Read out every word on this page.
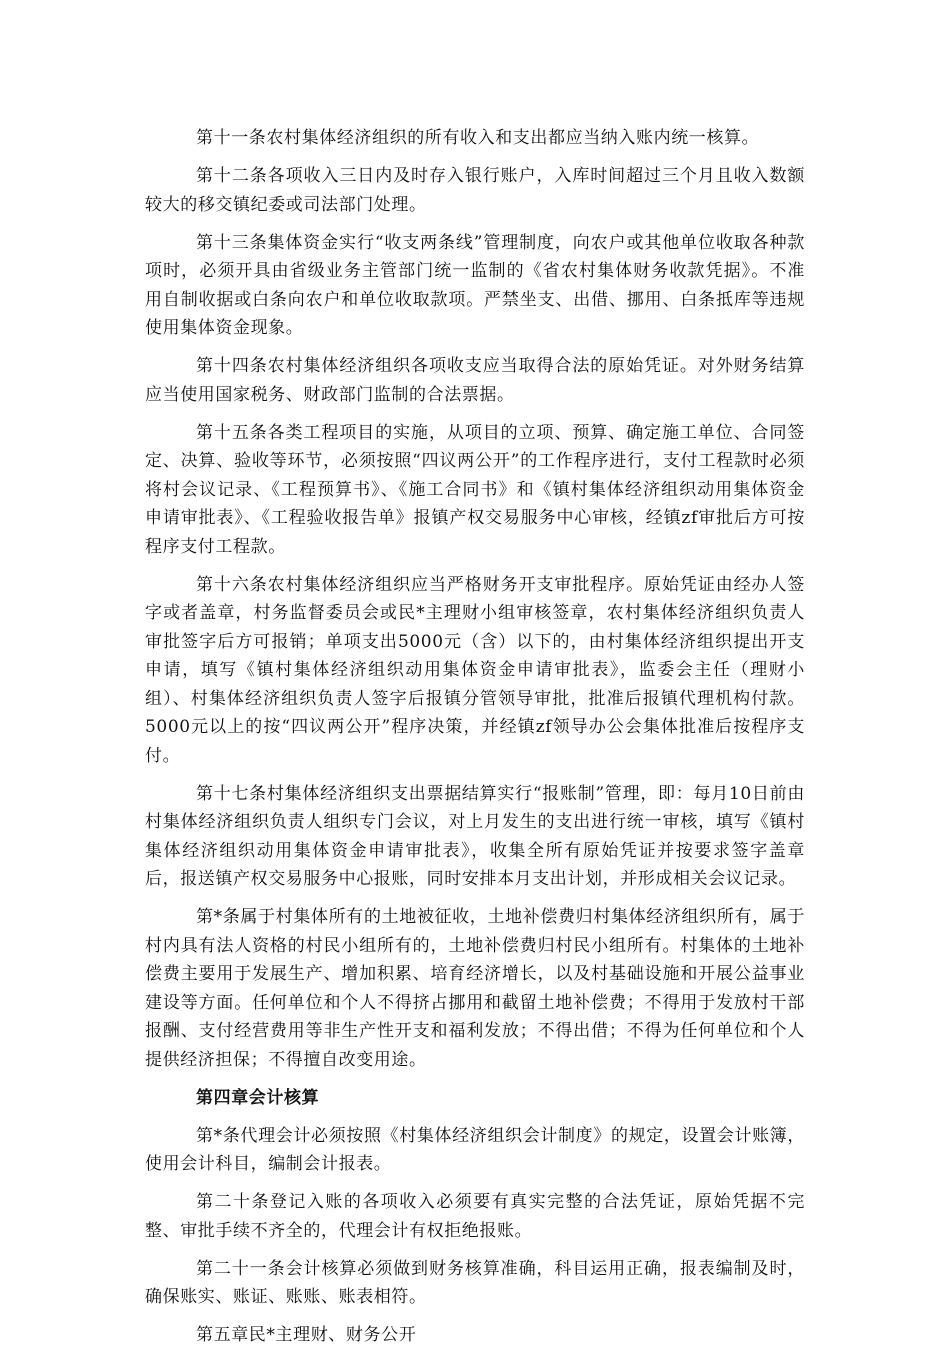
第十一条农村集体经济组织的所有收入和支出都应当纳入账内统一核算。

第十二条各项收入三日内及时存入银行账户，入库时间超过三个月且收入数额较大的移交镇纪委或司法部门处理。

第十三条集体资金实行“收支两条线”管理制度，向农户或其他单位收取各种款项时，必须开具由省级业务主管部门统一监制的《省农村集体财务收款凭据》。不准用自制收据或白条向农户和单位收取款项。严禁坐支、出借、挪用、白条抵库等违规使用集体资金现象。

第十四条农村集体经济组织各项收支应当取得合法的原始凭证。对外财务结算应当使用国家税务、财政部门监制的合法票据。

第十五条各类工程项目的实施，从项目的立项、预算、确定施工单位、合同签定、决算、验收等环节，必须按照“四议两公开”的工作程序进行，支付工程款时必须将村会议记录、《工程预算书》、《施工合同书》和《镇村集体经济组织动用集体资金申请审批表》、《工程验收报告单》报镇产权交易服务中心审核，经镇zf审批后方可按程序支付工程款。

第十六条农村集体经济组织应当严格财务开支审批程序。原始凭证由经办人签字或者盖章，村务监督委员会或民*主理财小组审核签章，农村集体经济组织负责人审批签字后方可报销；单项支出5000元（含）以下的，由村集体经济组织提出开支申请，填写《镇村集体经济组织动用集体资金申请审批表》，监委会主任（理财小组）、村集体经济组织负责人签字后报镇分管领导审批，批准后报镇代理机构付款。5000元以上的按“四议两公开”程序决策，并经镇zf领导办公会集体批准后按程序支付。

第十七条村集体经济组织支出票据结算实行“报账制”管理，即：每月10日前由村集体经济组织负责人组织专门会议，对上月发生的支出进行统一审核，填写《镇村集体经济组织动用集体资金申请审批表》，收集全所有原始凭证并按要求签字盖章后，报送镇产权交易服务中心报账，同时安排本月支出计划，并形成相关会议记录。

第*条属于村集体所有的土地被征收，土地补偿费归村集体经济组织所有，属于村内具有法人资格的村民小组所有的，土地补偿费归村民小组所有。村集体的土地补偿费主要用于发展生产、增加积累、培育经济增长，以及村基础设施和开展公益事业建设等方面。任何单位和个人不得挤占挪用和截留土地补偿费；不得用于发放村干部报酬、支付经营费用等非生产性开支和福利发放；不得出借；不得为任何单位和个人提供经济担保；不得擅自改变用途。

第四章会计核算

第*条代理会计必须按照《村集体经济组织会计制度》的规定，设置会计账簿，使用会计科目，编制会计报表。

第二十条登记入账的各项收入必须要有真实完整的合法凭证，原始凭据不完整、审批手续不齐全的，代理会计有权拒绝报账。

第二十一条会计核算必须做到财务核算准确，科目运用正确，报表编制及时，确保账实、账证、账账、账表相符。

第五章民*主理财、财务公开
